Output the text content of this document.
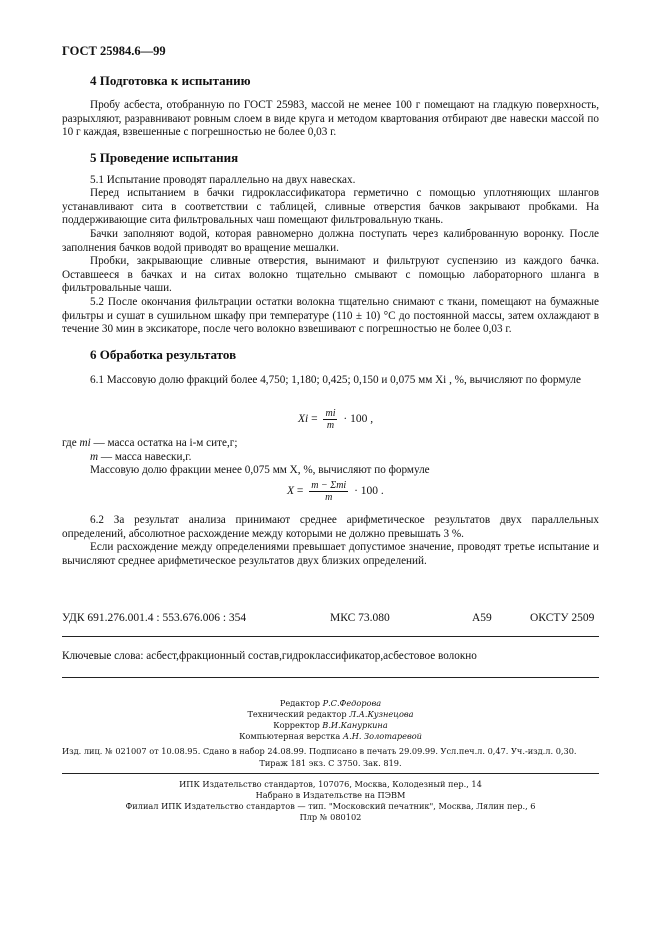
ГОСТ 25984.6—99
4 Подготовка к испытанию

Пробу асбеста, отобранную по ГОСТ 25983, массой не менее 100 г помещают на гладкую поверхность, разрыхляют, разравнивают ровным слоем в виде круга и методом квартования отбирают две навески массой по 10 г каждая, взвешенные с погрешностью не более 0,03 г.

5 Проведение испытания

5.1 Испытание проводят параллельно на двух навесках.

Перед испытанием в бачки гидроклассификатора герметично с помощью уплотняющих шлангов устанавливают сита в соответствии с таблицей, сливные отверстия бачков закрывают пробками. На поддерживающие сита фильтровальных чаш помещают фильтровальную ткань.

Бачки заполняют водой, которая равномерно должна поступать через калиброванную воронку. После заполнения бачков водой приводят во вращение мешалки.

Пробки, закрывающие сливные отверстия, вынимают и фильтруют суспензию из каждого бачка. Оставшееся в бачках и на ситах волокно тщательно смывают с помощью лабораторного шланга в фильтровальные чаши.

5.2 После окончания фильтрации остатки волокна тщательно снимают с ткани, помещают на бумажные фильтры и сушат в сушильном шкафу при температуре (110 ± 10) °С до постоянной массы, затем охлаждают в течение 30 мин в эксикаторе, после чего волокно взвешивают с погрешностью не более 0,03 г.

6 Обработка результатов

6.1 Массовую долю фракций более 4,750; 1,180; 0,425; 0,150 и 0,075 мм Xi , %, вычисляют по формуле

$Xi = \frac{mi}{m} \cdot 100$ ,
где mi — масса остатка на i-м сите,г;
m — масса навески,г.

Массовую долю фракции менее 0,075 мм X, %, вычисляют по формуле

$X = \frac{\text{m − Σmi}}{m} \cdot 100$ .

6.2 За результат анализа принимают среднее арифметическое результатов двух параллельных определений, абсолютное расхождение между которыми не должно превышать 3 %.

Если расхождение между определениями превышает допустимое значение, проводят третье испытание и вычисляют среднее арифметическое результатов двух близких определений.

УДК 691.276.001.4 : 553.676.006 : 354	МКС 73.080	А59	ОКСТУ 2509
Ключевые слова: асбест,фракционный состав,гидроклассификатор,асбестовое волокно
Редактор Р.С.Федорова
Технический редактор Л.А.Кузнецова
Корректор В.И.Кануркина
Компьютерная верстка А.Н. Золотаревой
Изд. лиц. № 021007 от 10.08.95. Сдано в набор 24.08.99. Подписано в печать 29.09.99. Усл.печ.л. 0,47. Уч.-изд.л. 0,30.
Тираж 181 экз. С 3750. Зак. 819.
ИПК Издательство стандартов, 107076, Москва, Колодезный пер., 14
Набрано в Издательстве на ПЭВМ
Филиал ИПК Издательство стандартов — тип. "Московский печатник", Москва, Лялин пер., 6
Плр № 080102
